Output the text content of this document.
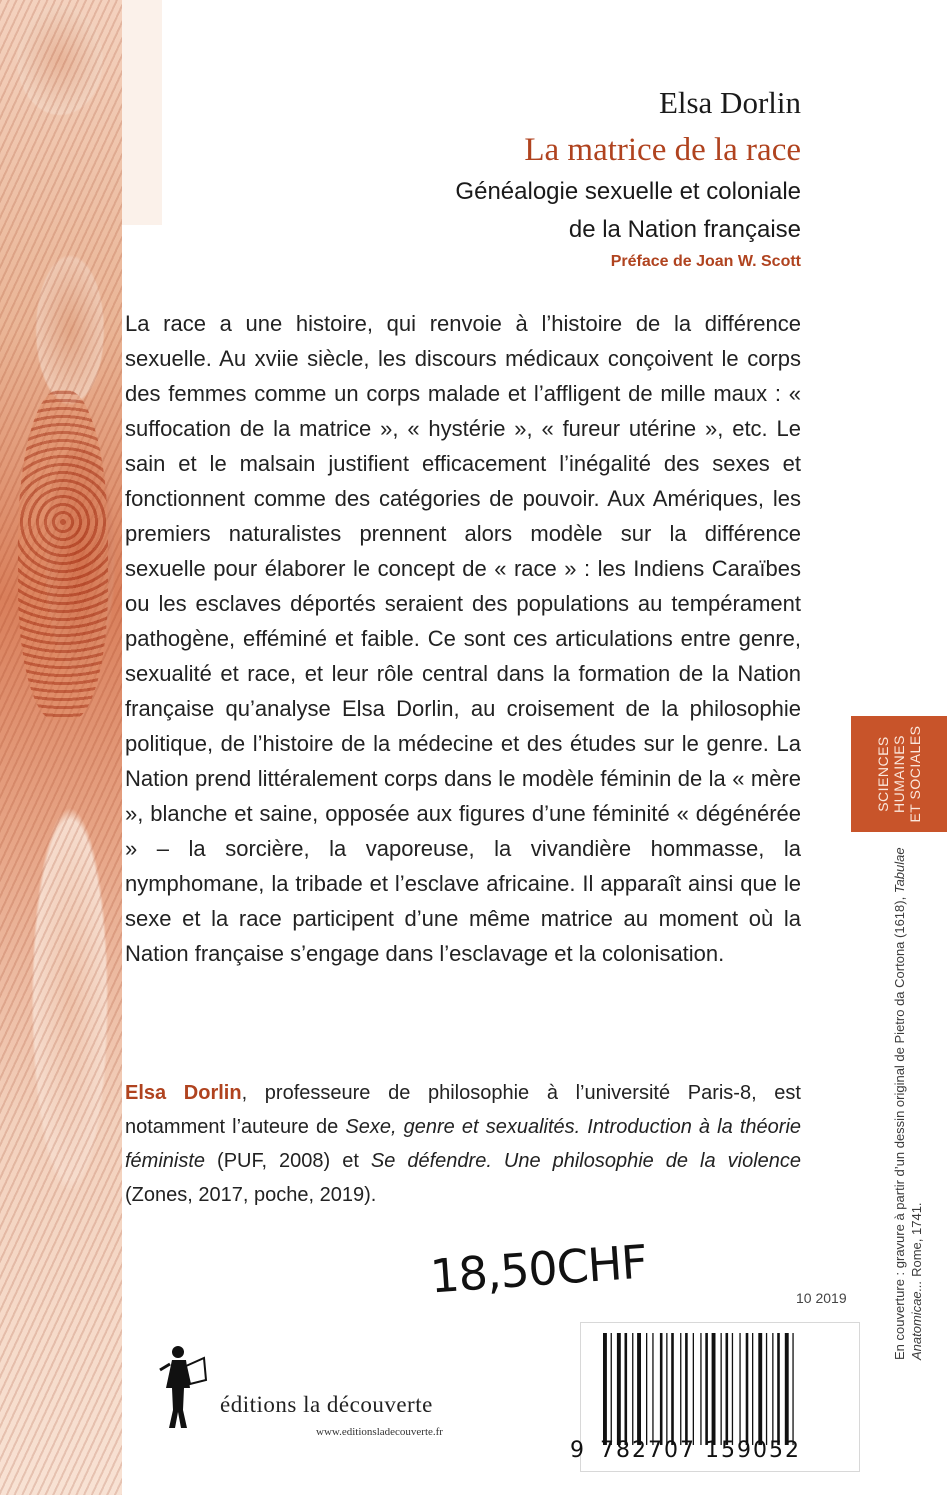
Elsa Dorlin
La matrice de la race
Généalogie sexuelle et coloniale
de la Nation française
Préface de Joan W. Scott
La race a une histoire, qui renvoie à l’histoire de la différence sexuelle. Au xviie siècle, les discours médicaux conçoivent le corps des femmes comme un corps malade et l’affligent de mille maux : « suffocation de la matrice », « hystérie », « fureur utérine », etc. Le sain et le malsain justifient efficacement l’inégalité des sexes et fonctionnent comme des catégories de pouvoir. Aux Amériques, les premiers naturalistes prennent alors modèle sur la différence sexuelle pour élaborer le concept de « race » : les Indiens Caraïbes ou les esclaves déportés seraient des populations au tempérament pathogène, efféminé et faible. Ce sont ces articulations entre genre, sexualité et race, et leur rôle central dans la formation de la Nation française qu’analyse Elsa Dorlin, au croisement de la philosophie politique, de l’histoire de la médecine et des études sur le genre. La Nation prend littéralement corps dans le modèle féminin de la « mère », blanche et saine, opposée aux figures d’une féminité « dégénérée » – la sorcière, la vaporeuse, la vivandière hommasse, la nymphomane, la tribade et l’esclave africaine. Il apparaît ainsi que le sexe et la race participent d’une même matrice au moment où la Nation française s’engage dans l’esclavage et la colonisation.
Elsa Dorlin, professeure de philosophie à l’université Paris-8, est notamment l’auteure de Sexe, genre et sexualités. Introduction à la théorie féministe (PUF, 2008) et Se défendre. Une philosophie de la violence (Zones, 2017, poche, 2019).
SCIENCES HUMAINES ET SOCIALES
En couverture : gravure à partir d’un dessin original de Pietro da Cortona (1618), Tabulae Anatomicae... Rome, 1741.
18,50CHF	10 2019
éditions la découverte
www.editionsladecouverte.fr
9 782707 159052
